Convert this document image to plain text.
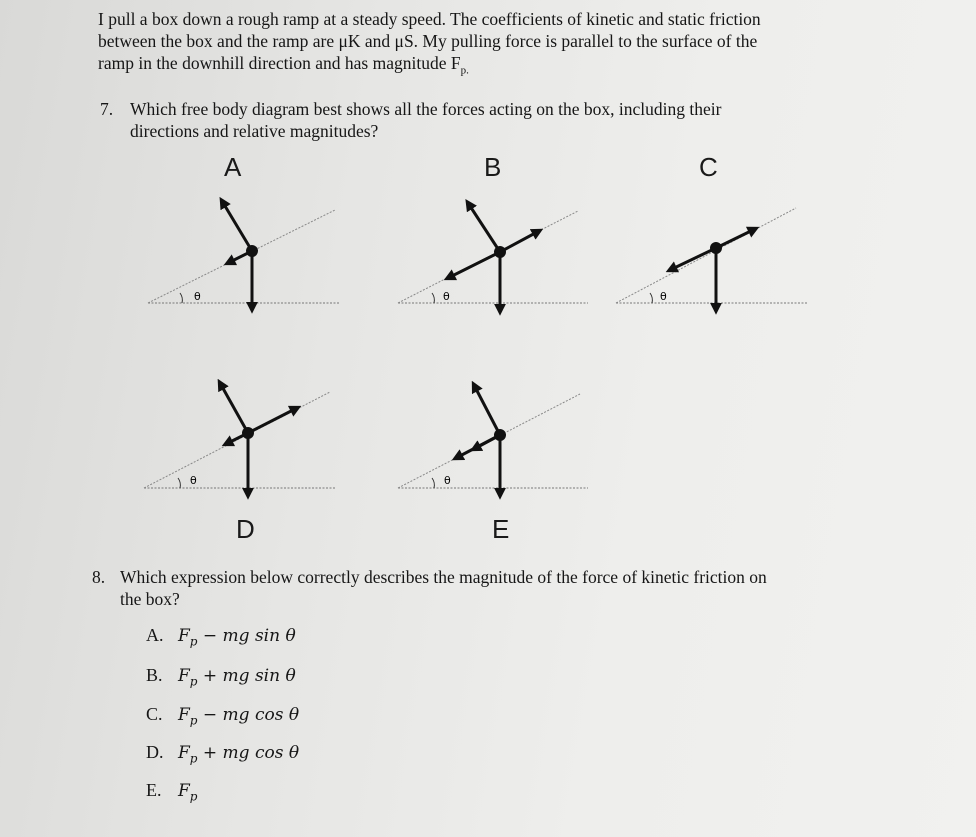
I pull a box down a rough ramp at a steady speed. The coefficients of kinetic and static friction
between the box and the ramp are μK and μS. My pulling force is parallel to the surface of the
ramp in the downhill direction and has magnitude $F_{p.}$

7. Which free body diagram best shows all the forces acting on the box, including their
directions and relative magnitudes?

A	B	C
D	E
θ	θ	θ
θ	θ

8. Which expression below correctly describes the magnitude of the force of kinetic friction on
the box?

A. $F_p$ − mg sin θ
B. $F_p$ + mg sin θ
C. $F_p$ − mg cos θ
D. $F_p$ + mg cos θ
E. $F_p$
